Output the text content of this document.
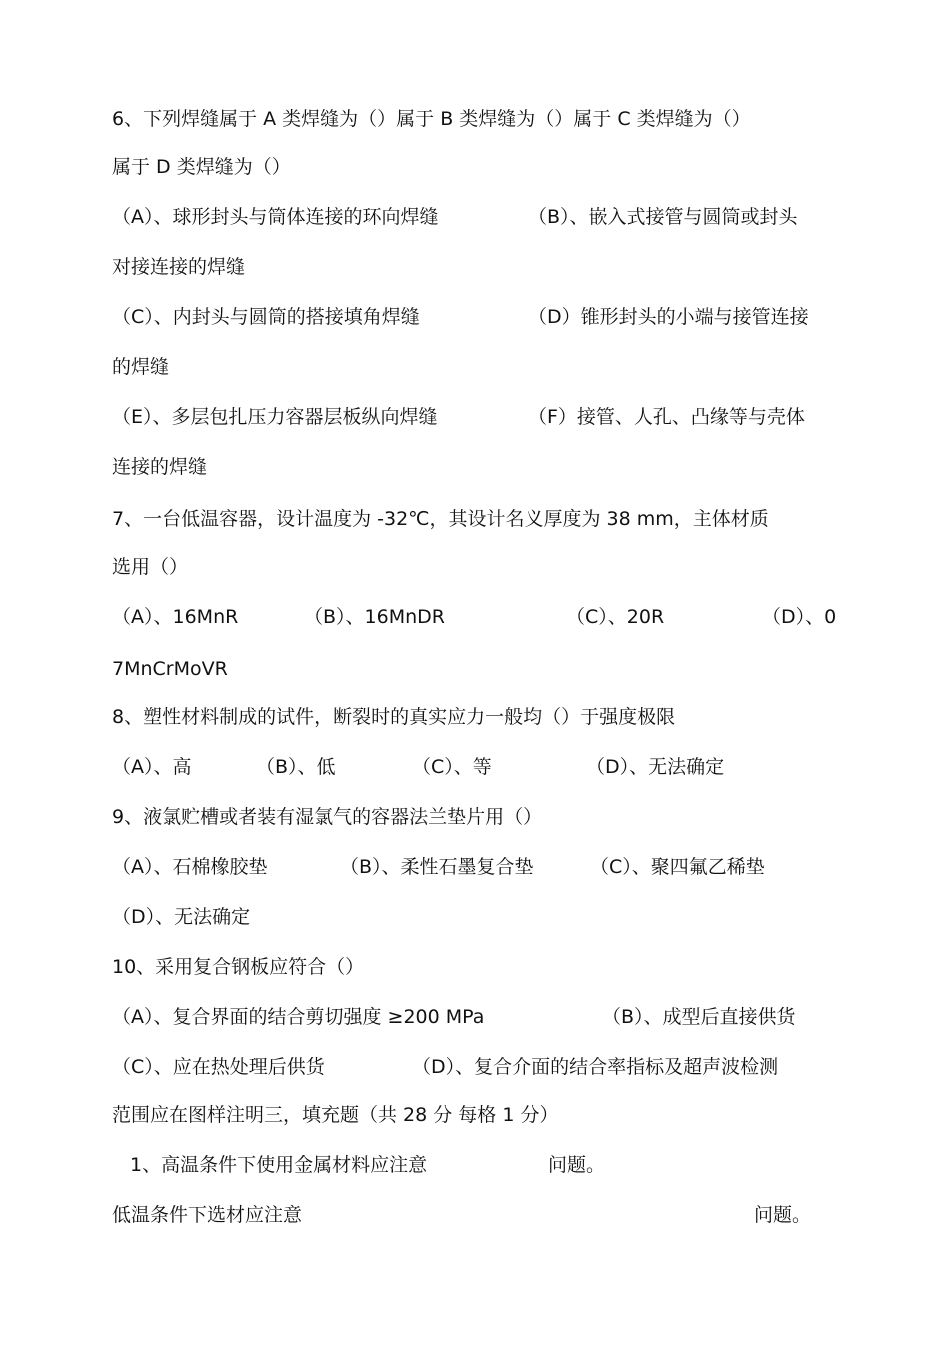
6、下列焊缝属于 A 类焊缝为（）属于 B 类焊缝为（）属于 C 类焊缝为（）
属于 D 类焊缝为（）
（A）、球形封头与筒体连接的环向焊缝	（B）、嵌入式接管与圆筒或封头
对接连接的焊缝
（C）、内封头与圆筒的搭接填角焊缝	（D）锥形封头的小端与接管连接
的焊缝
（E）、多层包扎压力容器层板纵向焊缝	（F）接管、人孔、凸缘等与壳体
连接的焊缝
7、一台低温容器，设计温度为 -32℃，其设计名义厚度为 38 mm，主体材质
选用（）
（A）、16MnR	（B）、16MnDR	（C）、20R	（D）、0
7MnCrMoVR
8、塑性材料制成的试件，断裂时的真实应力一般均（）于强度极限
（A）、高	（B）、低	（C）、等	（D）、无法确定
9、液氯贮槽或者装有湿氯气的容器法兰垫片用（）
（A）、石棉橡胶垫	（B）、柔性石墨复合垫	（C）、聚四氟乙稀垫
（D）、无法确定
10、采用复合钢板应符合（）
（A）、复合界面的结合剪切强度 ≥200 MPa	（B）、成型后直接供货
（C）、应在热处理后供货	（D）、复合介面的结合率指标及超声波检测
范围应在图样注明三，填充题（共 28 分 每格 1 分）
1、高温条件下使用金属材料应注意	问题。
低温条件下选材应注意	问题。
